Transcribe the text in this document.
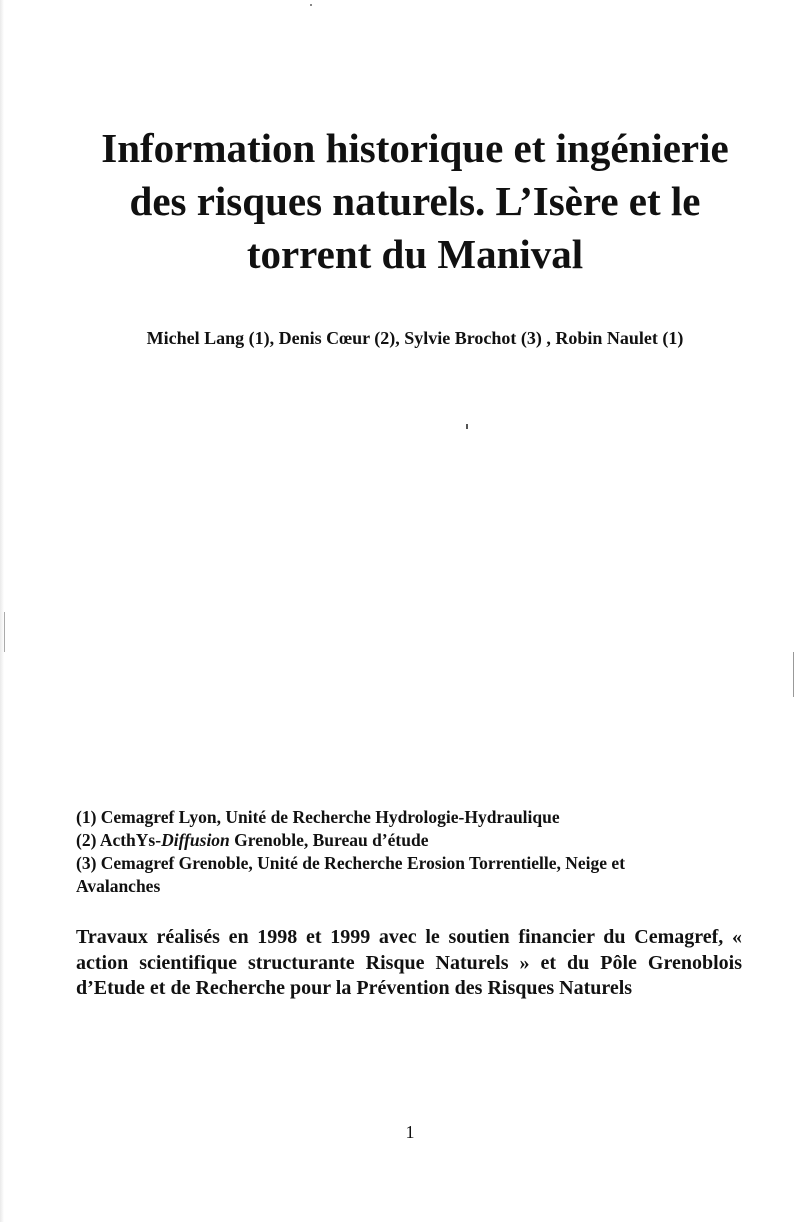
Information historique et ingénierie
des risques naturels. L’Isère et le
torrent du Manival
Michel Lang (1), Denis Cœur (2), Sylvie Brochot (3) , Robin Naulet (1)
(1) Cemagref Lyon, Unité de Recherche Hydrologie-Hydraulique
(2) ActhYs-Diffusion Grenoble, Bureau d’étude
(3) Cemagref Grenoble, Unité de Recherche Erosion Torrentielle, Neige et
Avalanches

Travaux réalisés en 1998 et 1999 avec le soutien financier du Cemagref, « action scientifique structurante Risque Naturels » et du Pôle Grenoblois d’Etude et de Recherche pour la Prévention des Risques Naturels

1
